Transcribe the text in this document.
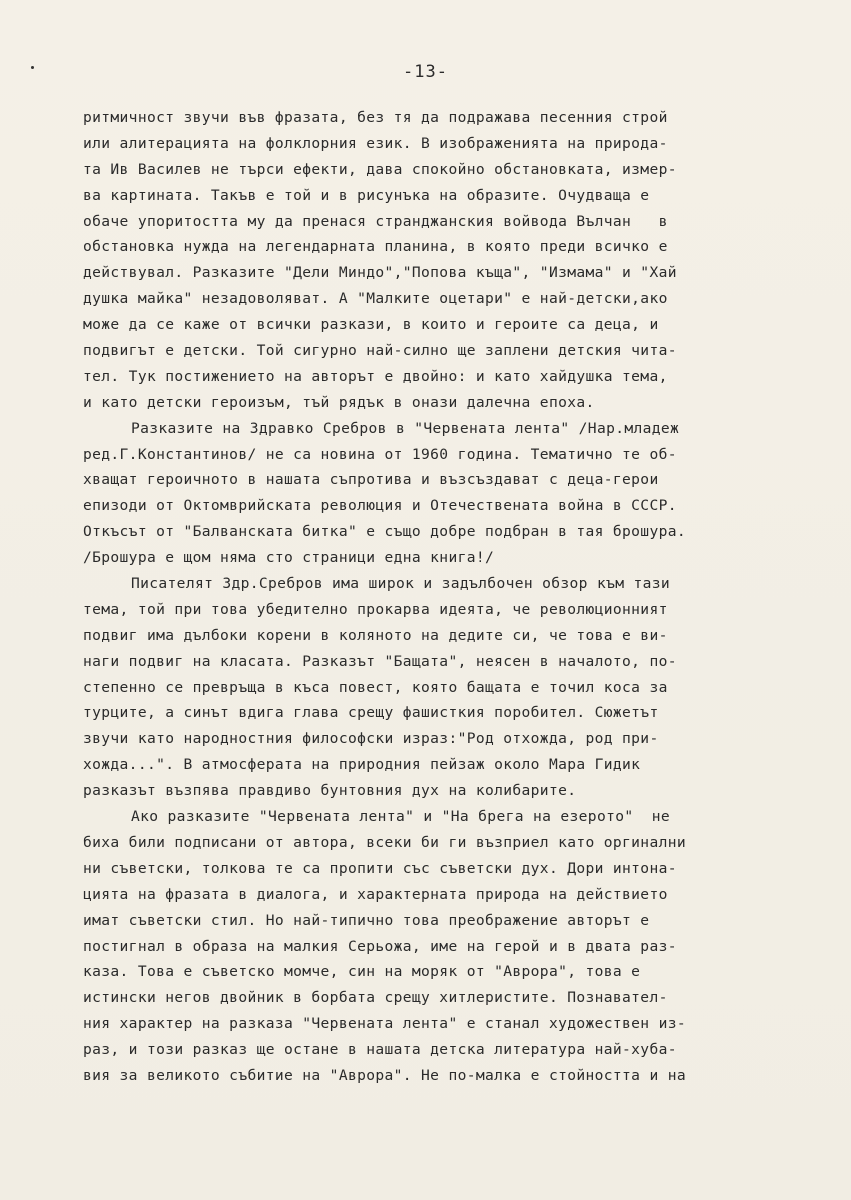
-13-
ритмичност звучи във фразата, без тя да подражава песенния строй
или алитерацията на фолклорния език. В изображенията на природа-
та Ив Василев не търси ефекти, дава спокойно обстановката, измер-
ва картината. Такъв е той и в рисунъка на образите. Очудваща е
обаче упоритостта му да пренася странджанския войвода Вълчан   в
обстановка нужда на легендарната планина, в която преди всичко е
действувал. Разказите "Дели Миндо","Попова къща", "Измама" и "Хай
душка майка" незадоволяват. А "Малките оцетари" е най-детски,ако
може да се каже от всички разкази, в които и героите са деца, и
подвигът е детски. Той сигурно най-силно ще заплени детския чита-
тел. Тук постижението на авторът е двойно: и като хайдушка тема,
и като детски героизъм, тъй рядък в онази далечна епоха.
Разказите на Здравко Сребров в "Червената лента" /Нар.младеж
ред.Г.Константинов/ не са новина от 1960 година. Тематично те об-
хващат героичното в нашата съпротива и възсъздават с деца-герои
епизоди от Октомврийската революция и Отечествената война в СССР.
Откъсът от "Балванската битка" е също добре подбран в тая брошура.
/Брошура е щом няма сто страници една книга!/
Писателят Здр.Сребров има широк и задълбочен обзор към тази
тема, той при това убедително прокарва идеята, че революционният
подвиг има дълбоки корени в коляното на дедите си, че това е ви-
наги подвиг на класата. Разказът "Бащата", неясен в началото, по-
степенно се превръща в къса повест, която бащата е точил коса за
турците, а синът вдига глава срещу фашисткия поробител. Сюжетът
звучи като народностния философски израз:"Род отхожда, род при-
хожда...". В атмосферата на природния пейзаж около Мара Гидик
разказът възпява правдиво бунтовния дух на колибарите.
Ако разказите "Червената лента" и "На брега на езерото"  не
биха били подписани от автора, всеки би ги възприел като оргинални
ни съветски, толкова те са пропити със съветски дух. Дори интона-
цията на фразата в диалога, и характерната природа на действието
имат съветски стил. Но най-типично това преображение авторът е
постигнал в образа на малкия Серьожа, име на герой и в двата раз-
каза. Това е съветско момче, син на моряк от "Аврора", това е
истински негов двойник в борбата срещу хитлеристите. Познавател-
ния характер на разказа "Червената лента" е станал художествен из-
раз, и този разказ ще остане в нашата детска литература най-хуба-
вия за великото събитие на "Аврора". Не по-малка е стойността и на
